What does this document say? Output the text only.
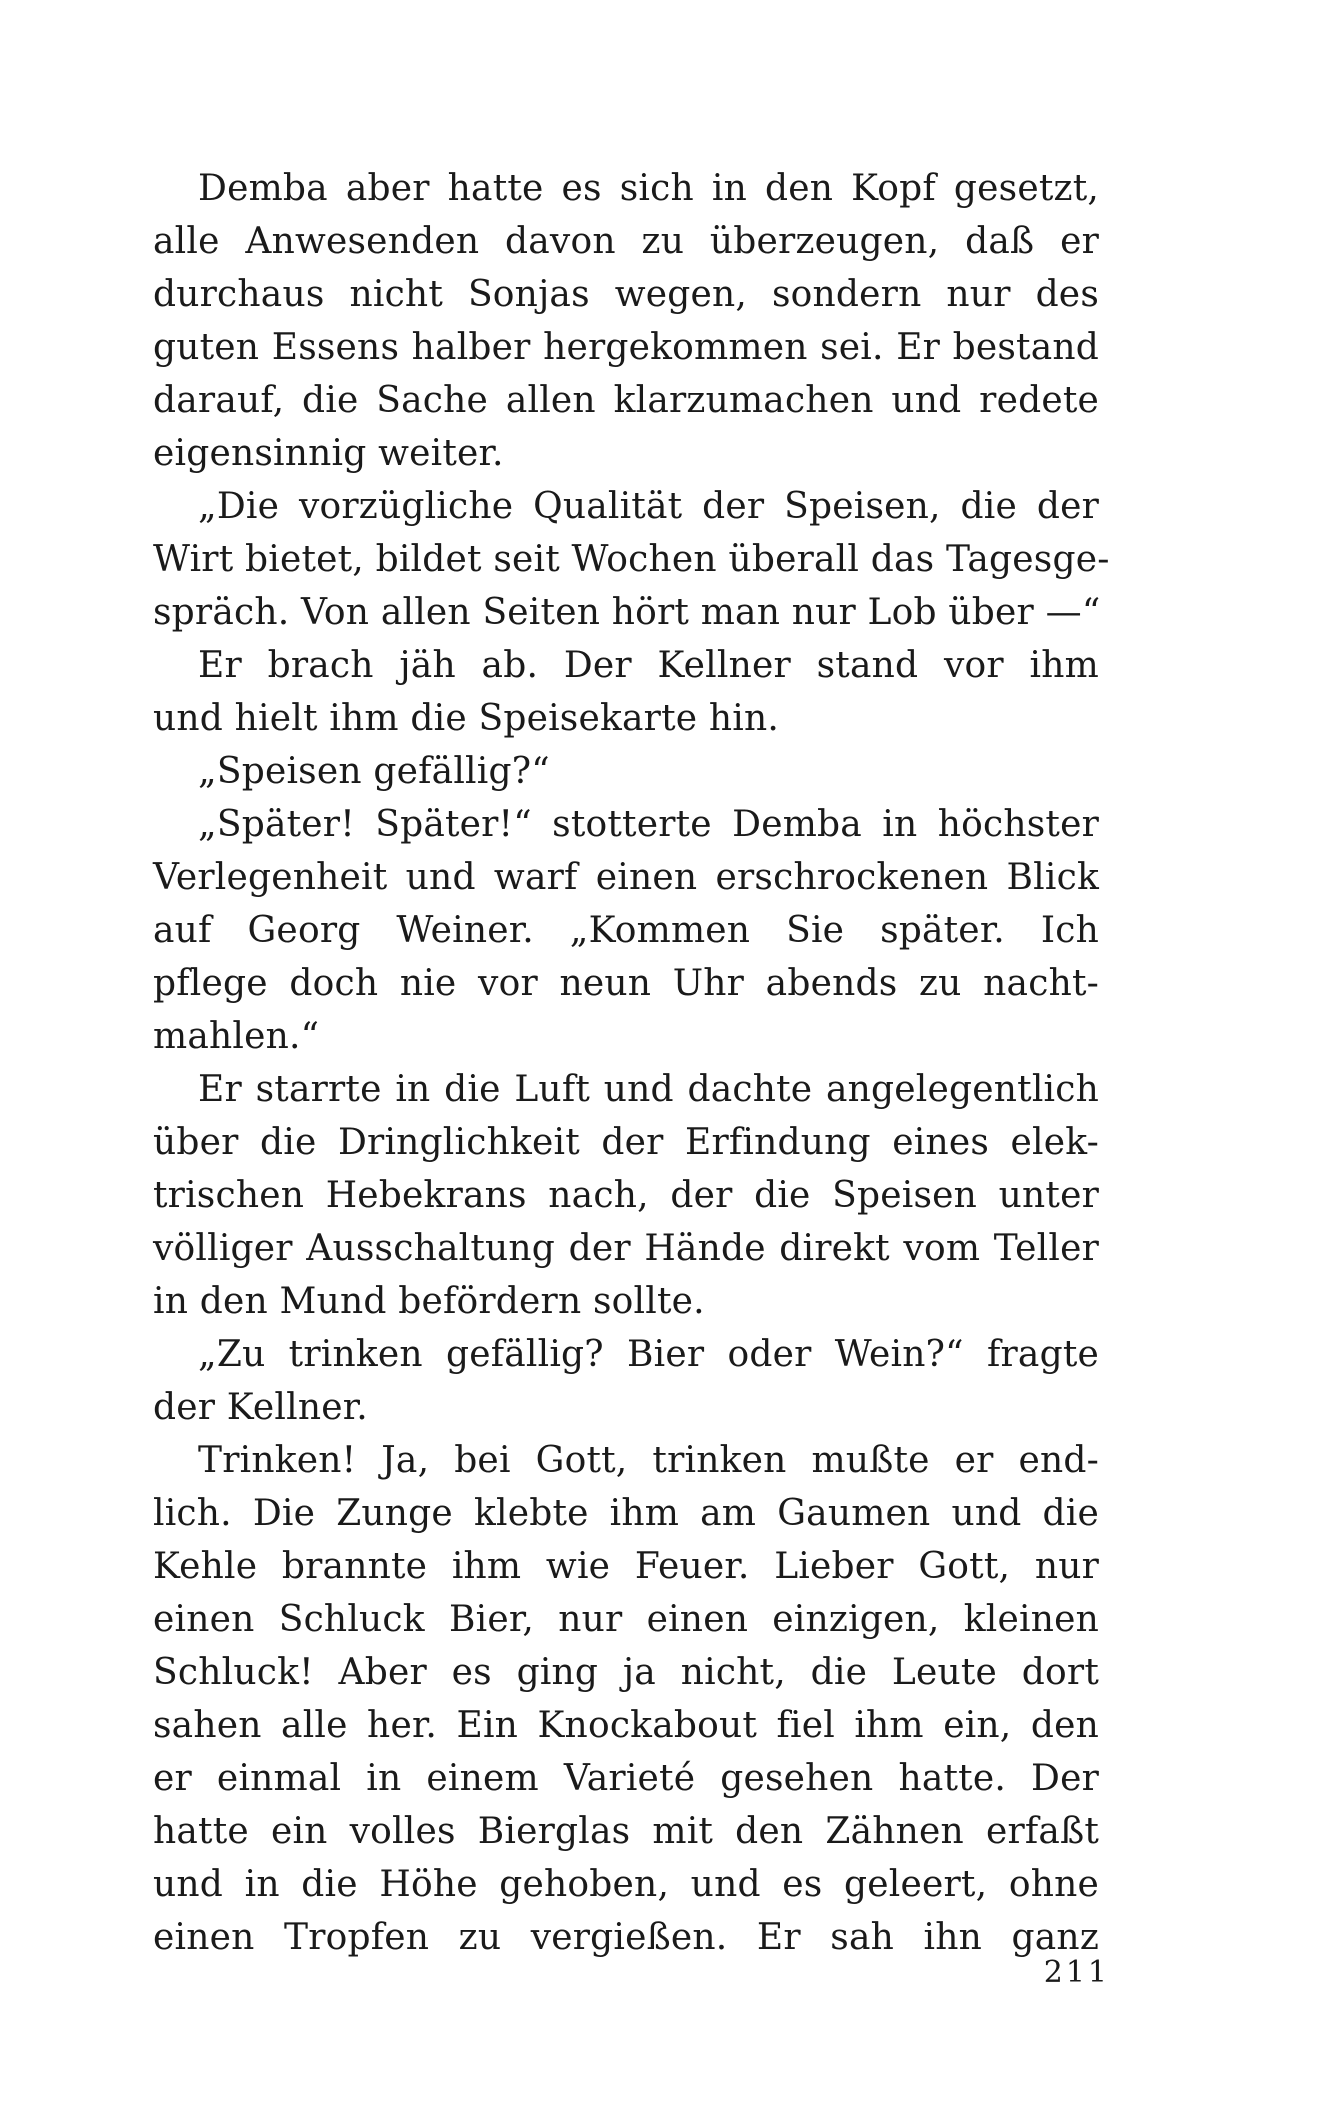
Demba aber hatte es sich in den Kopf gesetzt,
alle Anwesenden davon zu überzeugen, daß er
durchaus nicht Sonjas wegen, sondern nur des
guten Essens halber hergekommen sei. Er bestand
darauf, die Sache allen klarzumachen und redete
eigensinnig weiter.
„Die vorzügliche Qualität der Speisen, die der
Wirt bietet, bildet seit Wochen überall das Tagesge-
spräch. Von allen Seiten hört man nur Lob über —“
Er brach jäh ab. Der Kellner stand vor ihm
und hielt ihm die Speisekarte hin.
„Speisen gefällig?“
„Später! Später!“ stotterte Demba in höchster
Verlegenheit und warf einen erschrockenen Blick
auf Georg Weiner. „Kommen Sie später. Ich
pflege doch nie vor neun Uhr abends zu nacht-
mahlen.“
Er starrte in die Luft und dachte angelegentlich
über die Dringlichkeit der Erfindung eines elek-
trischen Hebekrans nach, der die Speisen unter
völliger Ausschaltung der Hände direkt vom Teller
in den Mund befördern sollte.
„Zu trinken gefällig? Bier oder Wein?“ fragte
der Kellner.
Trinken! Ja, bei Gott, trinken mußte er end-
lich. Die Zunge klebte ihm am Gaumen und die
Kehle brannte ihm wie Feuer. Lieber Gott, nur
einen Schluck Bier, nur einen einzigen, kleinen
Schluck! Aber es ging ja nicht, die Leute dort
sahen alle her. Ein Knockabout fiel ihm ein, den
er einmal in einem Varieté gesehen hatte. Der
hatte ein volles Bierglas mit den Zähnen erfaßt
und in die Höhe gehoben, und es geleert, ohne
einen Tropfen zu vergießen. Er sah ihn ganz
211
